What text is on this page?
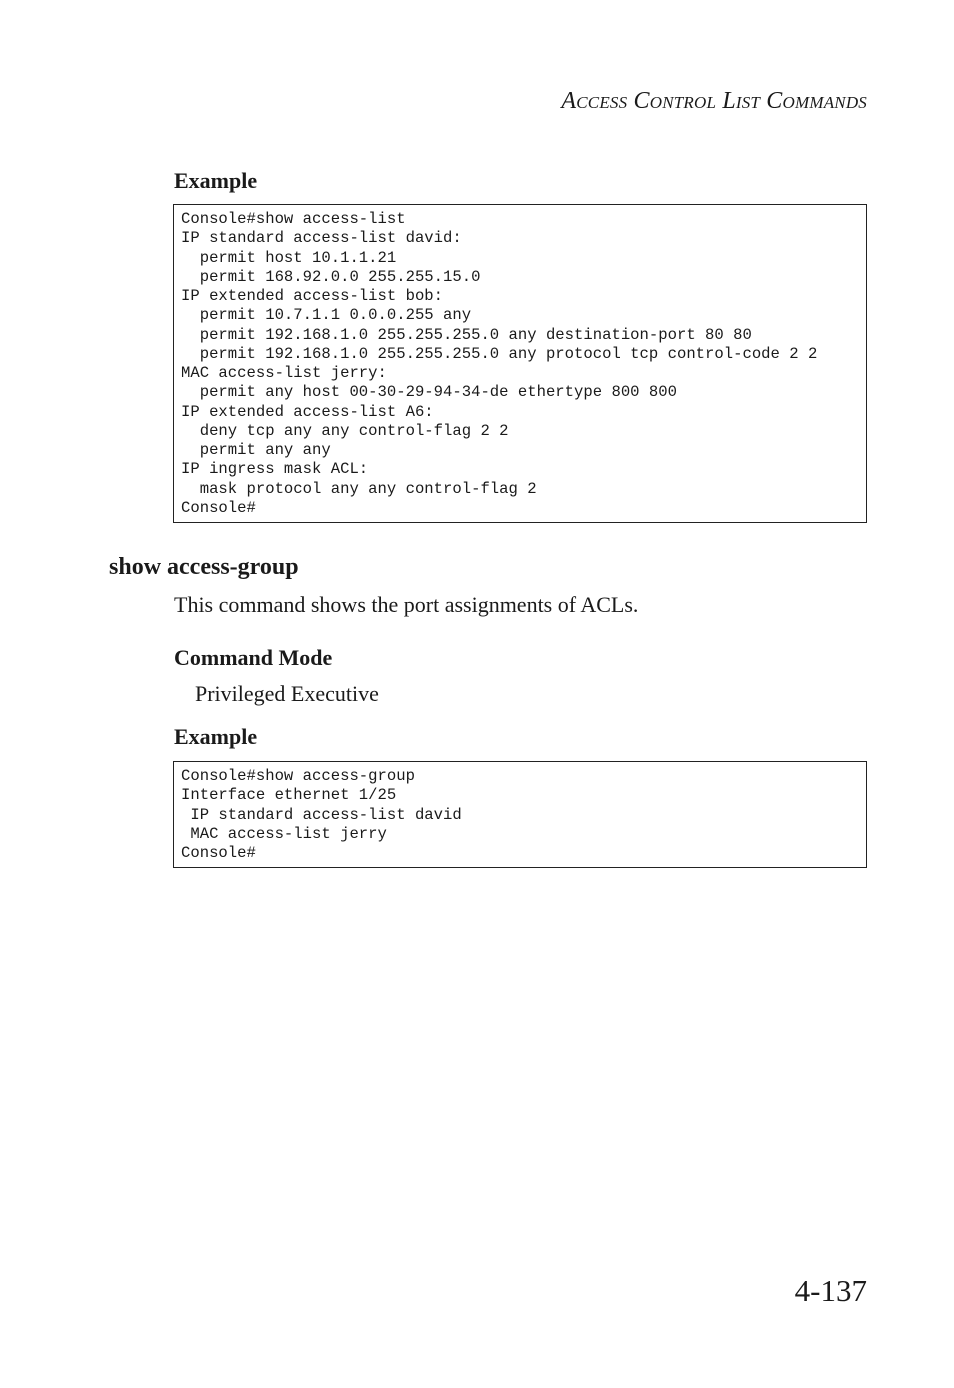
Access Control List Commands
Example
Console#show access-list
IP standard access-list david:
permit host 10.1.1.21
permit 168.92.0.0 255.255.15.0
IP extended access-list bob:
permit 10.7.1.1 0.0.0.255 any
permit 192.168.1.0 255.255.255.0 any destination-port 80 80
permit 192.168.1.0 255.255.255.0 any protocol tcp control-code 2 2
MAC access-list jerry:
permit any host 00-30-29-94-34-de ethertype 800 800
IP extended access-list A6:
deny tcp any any control-flag 2 2
permit any any
IP ingress mask ACL:
mask protocol any any control-flag 2
Console#
show access-group
This command shows the port assignments of ACLs.
Command Mode
Privileged Executive
Example
Console#show access-group
Interface ethernet 1/25
IP standard access-list david
MAC access-list jerry
Console#
4-137
